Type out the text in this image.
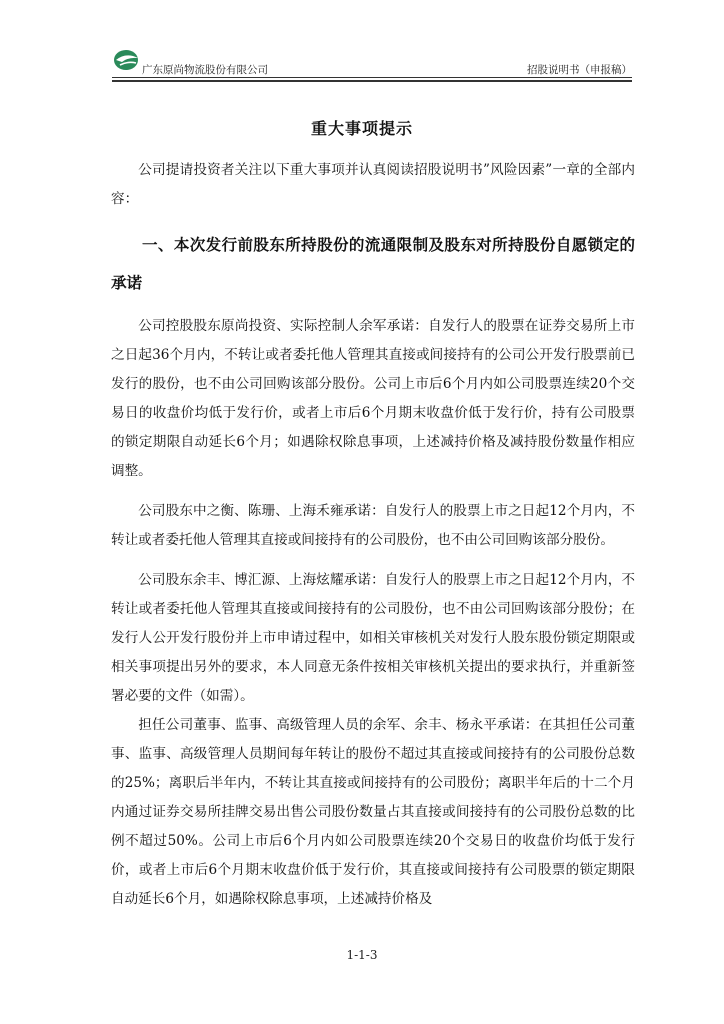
广东原尚物流股份有限公司	招股说明书（申报稿）
重大事项提示

公司提请投资者关注以下重大事项并认真阅读招股说明书”风险因素”一章的全部内容：

一、本次发行前股东所持股份的流通限制及股东对所持股份自愿锁定的承诺

公司控股股东原尚投资、实际控制人余军承诺：自发行人的股票在证券交易所上市之日起36个月内，不转让或者委托他人管理其直接或间接持有的公司公开发行股票前已发行的股份，也不由公司回购该部分股份。公司上市后6个月内如公司股票连续20个交易日的收盘价均低于发行价，或者上市后6个月期末收盘价低于发行价，持有公司股票的锁定期限自动延长6个月；如遇除权除息事项，上述减持价格及减持股份数量作相应调整。

公司股东中之衡、陈珊、上海禾雍承诺：自发行人的股票上市之日起12个月内，不转让或者委托他人管理其直接或间接持有的公司股份，也不由公司回购该部分股份。

公司股东余丰、博汇源、上海炫耀承诺：自发行人的股票上市之日起12个月内，不转让或者委托他人管理其直接或间接持有的公司股份，也不由公司回购该部分股份；在发行人公开发行股份并上市申请过程中，如相关审核机关对发行人股东股份锁定期限或相关事项提出另外的要求，本人同意无条件按相关审核机关提出的要求执行，并重新签署必要的文件（如需）。

担任公司董事、监事、高级管理人员的余军、余丰、杨永平承诺：在其担任公司董事、监事、高级管理人员期间每年转让的股份不超过其直接或间接持有的公司股份总数的25%；离职后半年内，不转让其直接或间接持有的公司股份；离职半年后的十二个月内通过证券交易所挂牌交易出售公司股份数量占其直接或间接持有的公司股份总数的比例不超过50%。公司上市后6个月内如公司股票连续20个交易日的收盘价均低于发行价，或者上市后6个月期末收盘价低于发行价，其直接或间接持有公司股票的锁定期限自动延长6个月，如遇除权除息事项，上述减持价格及

1-1-3
